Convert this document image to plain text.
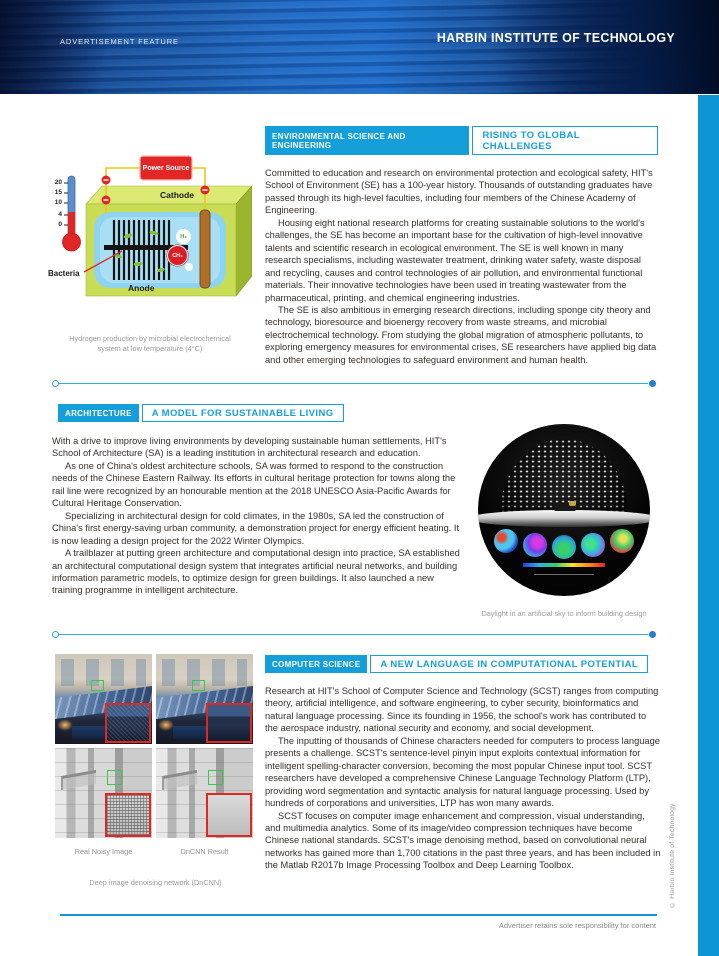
ADVERTISEMENT FEATURE	HARBIN INSTITUTE OF TECHNOLOGY
© Harbin Institute of Technology
20
15
10
4
0
Power Source
Cathode
Anode
Bacteria
H₂
CH₄
Hydrogen production by microbial electrochemical system at low temperature (4°C)
ENVIRONMENTAL SCIENCE AND ENGINEERING
RISING TO GLOBAL CHALLENGES

Committed to education and research on environmental protection and ecological safety, HIT's School of Environment (SE) has a 100-year history. Thousands of outstanding graduates have passed through its high-level faculties, including four members of the Chinese Academy of Engineering.

Housing eight national research platforms for creating sustainable solutions to the world's challenges, the SE has become an important base for the cultivation of high-level innovative talents and scientific research in ecological environment. The SE is well known in many research specialisms, including wastewater treatment, drinking water safety, waste disposal and recycling, causes and control technologies of air pollution, and environmental functional materials. Their innovative technologies have been used in treating wastewater from the pharmaceutical, printing, and chemical engineering industries.

The SE is also ambitious in emerging research directions, including sponge city theory and technology, bioresource and bioenergy recovery from waste streams, and microbial electrochemical technology. From studying the global migration of atmospheric pollutants, to exploring emergency measures for environmental crises, SE researchers have applied big data and other emerging technologies to safeguard environment and human health.

ARCHITECTURE	A MODEL FOR SUSTAINABLE LIVING

With a drive to improve living environments by developing sustainable human settlements, HIT's School of Architecture (SA) is a leading institution in architectural research and education.

As one of China's oldest architecture schools, SA was formed to respond to the construction needs of the Chinese Eastern Railway. Its efforts in cultural heritage protection for towns along the rail line were recognized by an honourable mention at the 2018 UNESCO Asia-Pacific Awards for Cultural Heritage Conservation.

Specializing in architectural design for cold climates, in the 1980s, SA led the construction of China's first energy-saving urban community, a demonstration project for energy efficient heating. It is now leading a design project for the 2022 Winter Olympics.

A trailblazer at putting green architecture and computational design into practice, SA established an architectural computational design system that integrates artificial neural networks, and building information parametric models, to optimize design for green buildings. It also launched a new training programme in intelligent architecture.

Daylight in an artificial sky to inform building design
Real Noisy Image	DnCNN Result
Deep image denoising network (DnCNN)
COMPUTER SCIENCE	A NEW LANGUAGE IN COMPUTATIONAL POTENTIAL

Research at HIT's School of Computer Science and Technology (SCST) ranges from computing theory, artificial intelligence, and software engineering, to cyber security, bioinformatics and natural language processing. Since its founding in 1956, the school's work has contributed to the aerospace industry, national security and economy, and social development.

The inputting of thousands of Chinese characters needed for computers to process language presents a challenge. SCST's sentence-level pinyin input exploits contextual information for intelligent spelling-character conversion, becoming the most popular Chinese input tool. SCST researchers have developed a comprehensive Chinese Language Technology Platform (LTP), providing word segmentation and syntactic analysis for natural language processing. Used by hundreds of corporations and universities, LTP has won many awards.

SCST focuses on computer image enhancement and compression, visual understanding, and multimedia analytics. Some of its image/video compression techniques have become Chinese national standards. SCST's image denoising method, based on convolutional neural networks has gained more than 1,700 citations in the past three years, and has been included in the Matlab R2017b Image Processing Toolbox and Deep Learning Toolbox.

Advertiser retains sole responsibility for content
